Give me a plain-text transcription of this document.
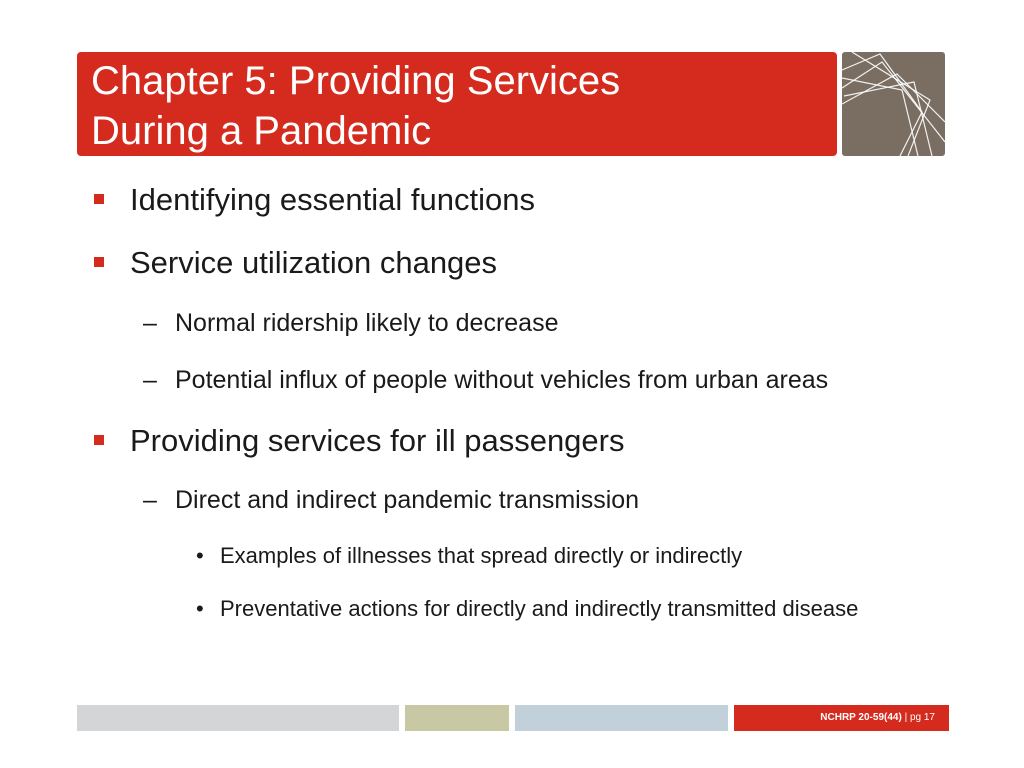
Chapter 5: Providing Services
During a Pandemic
Identifying essential functions
Service utilization changes
– Normal ridership likely to decrease
– Potential influx of people without vehicles from urban areas
Providing services for ill passengers
– Direct and indirect pandemic transmission
• Examples of illnesses that spread directly or indirectly
• Preventative actions for directly and indirectly transmitted disease
NCHRP 20-59(44) | pg 17
